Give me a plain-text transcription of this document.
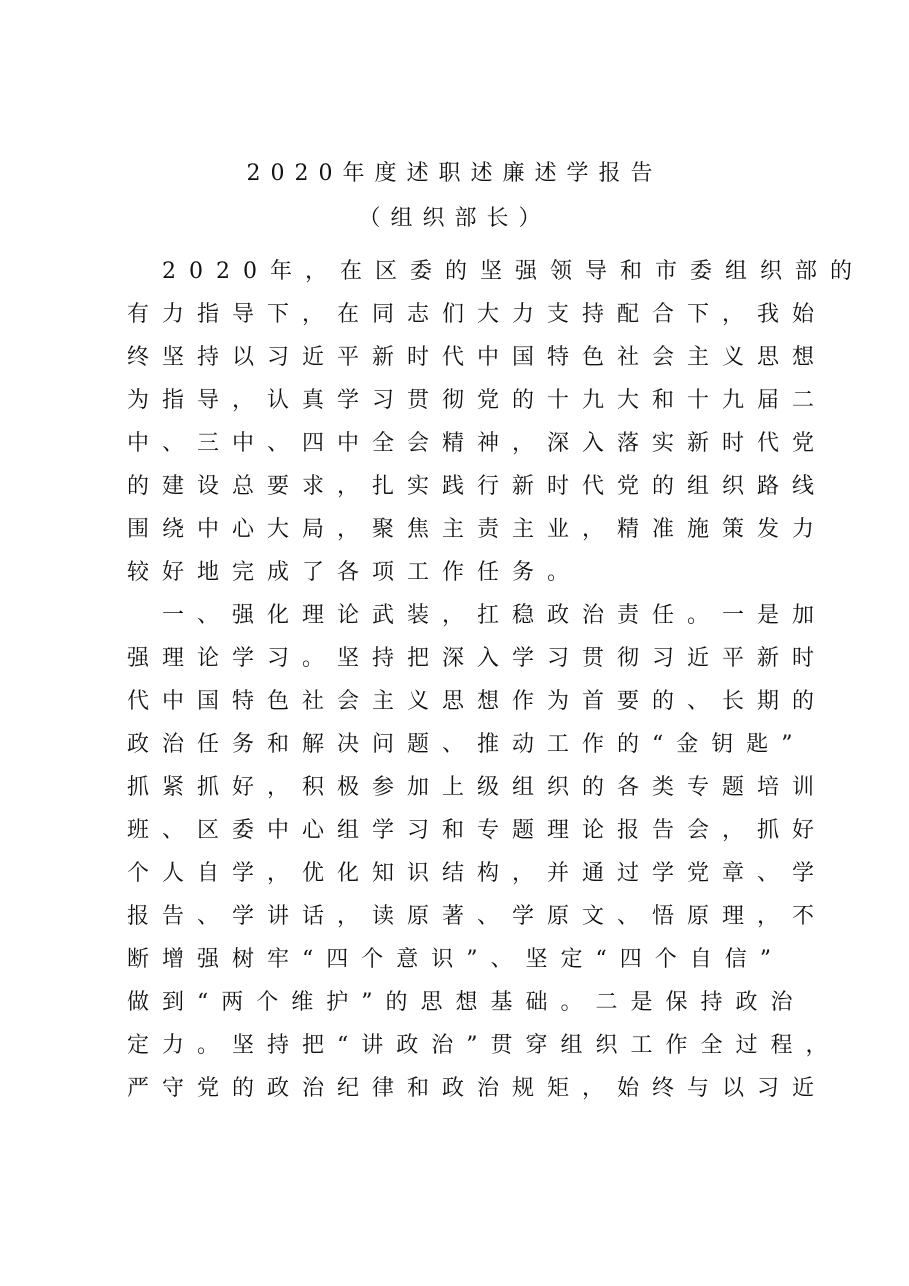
2020年度述职述廉述学报告
（组织部长）
　2020年，在区委的坚强领导和市委组织部的
有力指导下，在同志们大力支持配合下，我始
终坚持以习近平新时代中国特色社会主义思想
为指导，认真学习贯彻党的十九大和十九届二
中、三中、四中全会精神，深入落实新时代党
的建设总要求，扎实践行新时代党的组织路线
围绕中心大局，聚焦主责主业，精准施策发力
较好地完成了各项工作任务。
　一、强化理论武装，扛稳政治责任。一是加
强理论学习。坚持把深入学习贯彻习近平新时
代中国特色社会主义思想作为首要的、长期的
政治任务和解决问题、推动工作的“金钥匙”
抓紧抓好，积极参加上级组织的各类专题培训
班、区委中心组学习和专题理论报告会，抓好
个人自学，优化知识结构，并通过学党章、学
报告、学讲话，读原著、学原文、悟原理，不
断增强树牢“四个意识”、坚定“四个自信”
做到“两个维护”的思想基础。二是保持政治
定力。坚持把“讲政治”贯穿组织工作全过程，
严守党的政治纪律和政治规矩，始终与以习近
